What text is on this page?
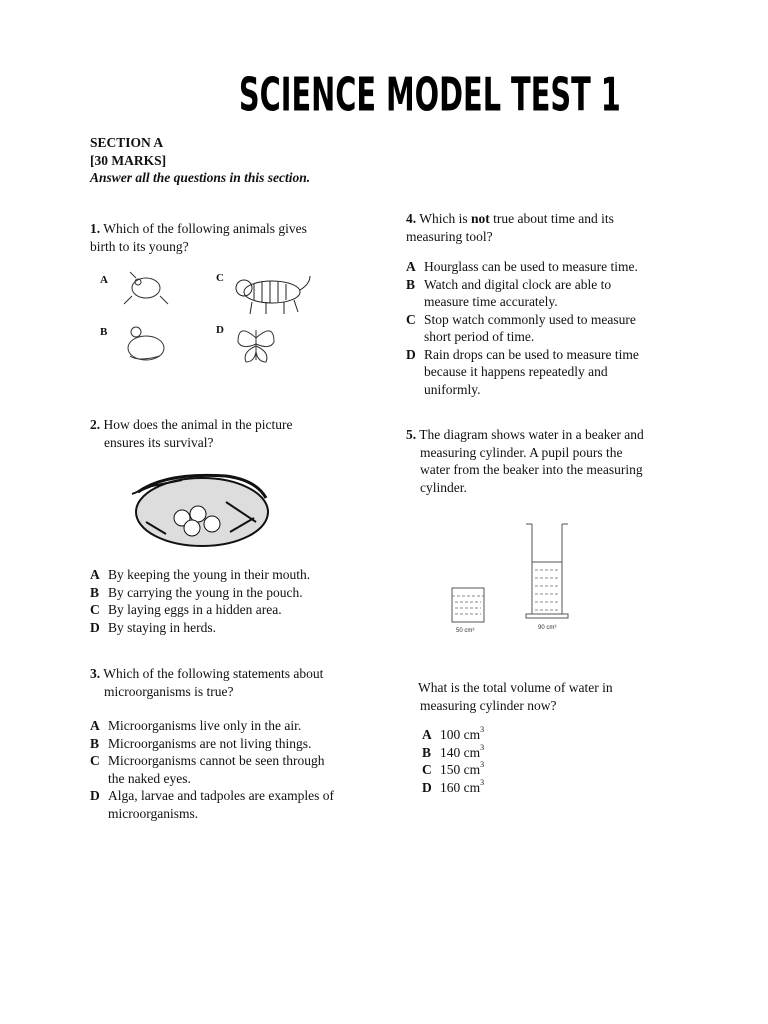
SCIENCE MODEL TEST 1
SECTION A
[30 MARKS]
Answer all the questions in this section.
1. Which of the following animals gives
birth to its young?
A	C
B	D
2. How does the animal in the picture
ensures its survival?
A By keeping the young in their mouth.
B By carrying the young in the pouch.
C By laying eggs in a hidden area.
D By staying in herds.
3. Which of the following statements about
microorganisms is true?
A Microorganisms live only in the air.
B Microorganisms are not living things.
C Microorganisms cannot be seen through
the naked eyes.
D Alga, larvae and tadpoles are examples of
microorganisms.
4. Which is not true about time and its
measuring tool?
A Hourglass can be used to measure time.
B Watch and digital clock are able to
measure time accurately.
C Stop watch commonly used to measure
short period of time.
D Rain drops can be used to measure time
because it happens repeatedly and
uniformly.
5. The diagram shows water in a beaker and
measuring cylinder. A pupil pours the
water from the beaker into the measuring
cylinder.
50 cm³	90 cm³
What is the total volume of water in
measuring cylinder now?
A 100 $cm^3$
B 140 $cm^3$
C 150 $cm^3$
D 160 $cm^3$
